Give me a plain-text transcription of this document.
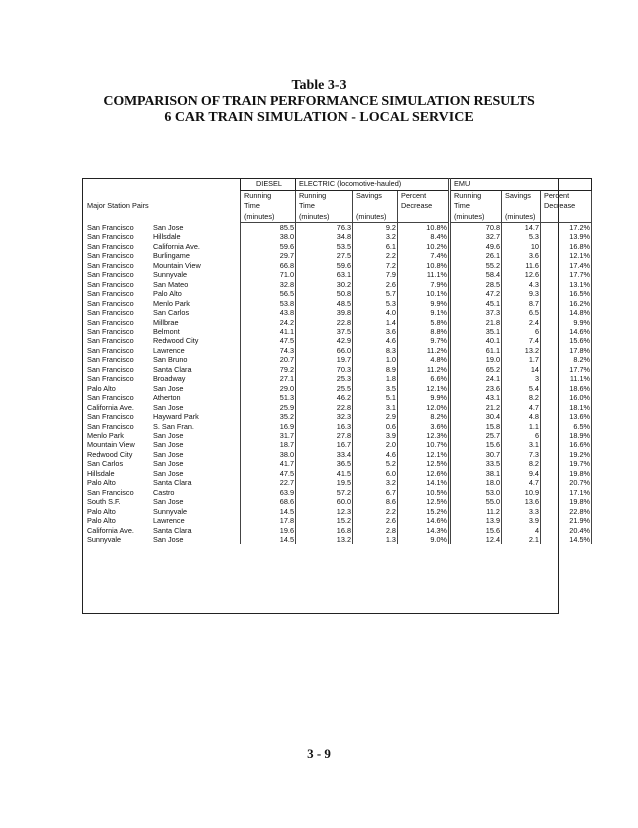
Table 3-3
COMPARISON OF TRAIN PERFORMANCE SIMULATION RESULTS
6 CAR TRAIN SIMULATION - LOCAL SERVICE
		DIESEL	ELECTRIC (locomotive-hauled)			EMU		
		Running	Running	Savings	Percent	Running	Savings	Percent
Major Station Pairs		Time	Time		Decrease	Time		Decrease
		(minutes)	(minutes)	(minutes)		(minutes)	(minutes)	
San Francisco	San Jose	85.5	76.3	9.2	10.8%	70.8	14.7	17.2%
San Francisco	Hillsdale	38.0	34.8	3.2	8.4%	32.7	5.3	13.9%
San Francisco	California Ave.	59.6	53.5	6.1	10.2%	49.6	10	16.8%
San Francisco	Burlingame	29.7	27.5	2.2	7.4%	26.1	3.6	12.1%
San Francisco	Mountain View	66.8	59.6	7.2	10.8%	55.2	11.6	17.4%
San Francisco	Sunnyvale	71.0	63.1	7.9	11.1%	58.4	12.6	17.7%
San Francisco	San Mateo	32.8	30.2	2.6	7.9%	28.5	4.3	13.1%
San Francisco	Palo Alto	56.5	50.8	5.7	10.1%	47.2	9.3	16.5%
San Francisco	Menlo Park	53.8	48.5	5.3	9.9%	45.1	8.7	16.2%
San Francisco	San Carlos	43.8	39.8	4.0	9.1%	37.3	6.5	14.8%
San Francisco	Millbrae	24.2	22.8	1.4	5.8%	21.8	2.4	9.9%
San Francisco	Belmont	41.1	37.5	3.6	8.8%	35.1	6	14.6%
San Francisco	Redwood City	47.5	42.9	4.6	9.7%	40.1	7.4	15.6%
San Francisco	Lawrence	74.3	66.0	8.3	11.2%	61.1	13.2	17.8%
San Francisco	San Bruno	20.7	19.7	1.0	4.8%	19.0	1.7	8.2%
San Francisco	Santa Clara	79.2	70.3	8.9	11.2%	65.2	14	17.7%
San Francisco	Broadway	27.1	25.3	1.8	6.6%	24.1	3	11.1%
Palo Alto	San Jose	29.0	25.5	3.5	12.1%	23.6	5.4	18.6%
San Francisco	Atherton	51.3	46.2	5.1	9.9%	43.1	8.2	16.0%
California Ave.	San Jose	25.9	22.8	3.1	12.0%	21.2	4.7	18.1%
San Francisco	Hayward Park	35.2	32.3	2.9	8.2%	30.4	4.8	13.6%
San Francisco	S. San Fran.	16.9	16.3	0.6	3.6%	15.8	1.1	6.5%
Menlo Park	San Jose	31.7	27.8	3.9	12.3%	25.7	6	18.9%
Mountain View	San Jose	18.7	16.7	2.0	10.7%	15.6	3.1	16.6%
Redwood City	San Jose	38.0	33.4	4.6	12.1%	30.7	7.3	19.2%
San Carlos	San Jose	41.7	36.5	5.2	12.5%	33.5	8.2	19.7%
Hillsdale	San Jose	47.5	41.5	6.0	12.6%	38.1	9.4	19.8%
Palo Alto	Santa Clara	22.7	19.5	3.2	14.1%	18.0	4.7	20.7%
San Francisco	Castro	63.9	57.2	6.7	10.5%	53.0	10.9	17.1%
South S.F.	San Jose	68.6	60.0	8.6	12.5%	55.0	13.6	19.8%
Palo Alto	Sunnyvale	14.5	12.3	2.2	15.2%	11.2	3.3	22.8%
Palo Alto	Lawrence	17.8	15.2	2.6	14.6%	13.9	3.9	21.9%
California Ave.	Santa Clara	19.6	16.8	2.8	14.3%	15.6	4	20.4%
Sunnyvale	San Jose	14.5	13.2	1.3	9.0%	12.4	2.1	14.5%
3 - 9
